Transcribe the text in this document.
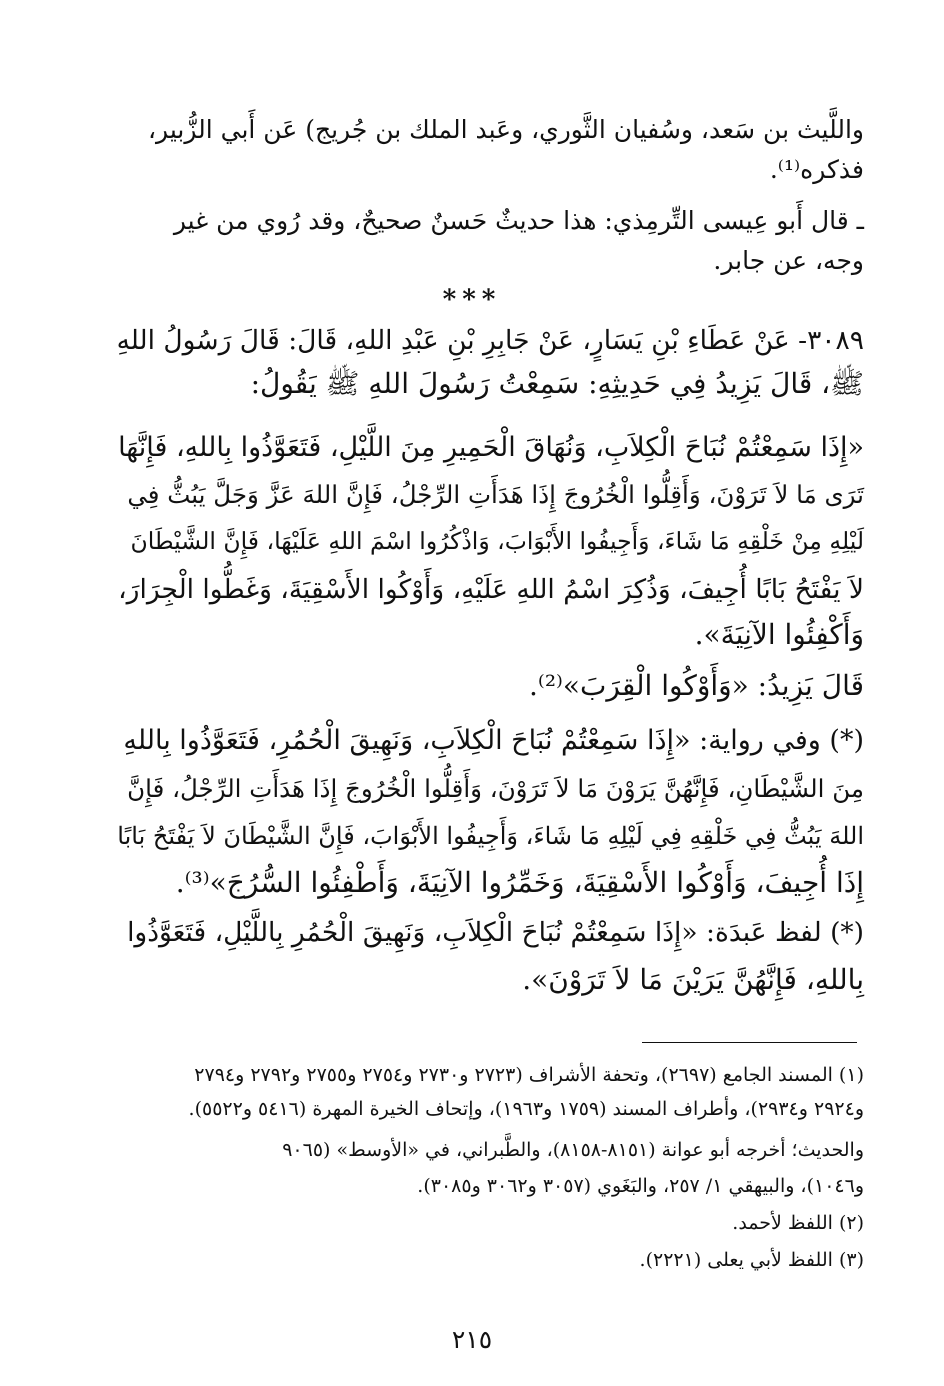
واللَّيث بن سَعد، وسُفيان الثَّوري، وعَبد الملك بن جُريج) عَن أَبي الزُّبير،
فذكره⁽¹⁾.
ـ قال أَبو عِيسى التِّرمِذي: هذا حديثٌ حَسنٌ صحيحٌ، وقد رُوي من غير
وجه، عن جابر.
***
٣٠٨٩- عَنْ عَطَاءِ بْنِ يَسَارٍ، عَنْ جَابِرِ بْنِ عَبْدِ اللهِ، قَالَ: قَالَ رَسُولُ اللهِ
ﷺ، قَالَ يَزِيدُ فِي حَدِيثِهِ: سَمِعْتُ رَسُولَ اللهِ ﷺ يَقُولُ:
«إِذَا سَمِعْتُمْ نُبَاحَ الْكِلاَبِ، وَنُهَاقَ الْحَمِيرِ مِنَ اللَّيْلِ، فَتَعَوَّذُوا بِاللهِ، فَإِنَّهَا
تَرَى مَا لاَ تَرَوْنَ، وَأَقِلُّوا الْخُرُوجَ إِذَا هَدَأَتِ الرِّجْلُ، فَإِنَّ اللهَ عَزَّ وَجَلَّ يَبُثُّ فِي
لَيْلِهِ مِنْ خَلْقِهِ مَا شَاءَ، وَأَجِيفُوا الأَبْوَابَ، وَاذْكُرُوا اسْمَ اللهِ عَلَيْهَا، فَإِنَّ الشَّيْطَانَ
لاَ يَفْتَحُ بَابًا أُجِيفَ، وَذُكِرَ اسْمُ اللهِ عَلَيْهِ، وَأَوْكُوا الأَسْقِيَةَ، وَغَطُّوا الْجِرَارَ،
وَأَكْفِئُوا الآنِيَةَ».
قَالَ يَزِيدُ: «وَأَوْكُوا الْقِرَبَ»⁽²⁾.
(*) وفي رواية: «إِذَا سَمِعْتُمْ نُبَاحَ الْكِلاَبِ، وَنَهِيقَ الْحُمُرِ، فَتَعَوَّذُوا بِاللهِ
مِنَ الشَّيْطَانِ، فَإِنَّهُنَّ يَرَوْنَ مَا لاَ تَرَوْنَ، وَأَقِلُّوا الْخُرُوجَ إِذَا هَدَأَتِ الرِّجْلُ، فَإِنَّ
اللهَ يَبُثُّ فِي خَلْقِهِ فِي لَيْلِهِ مَا شَاءَ، وَأَجِيفُوا الأَبْوَابَ، فَإِنَّ الشَّيْطَانَ لاَ يَفْتَحُ بَابًا
إِذَا أُجِيفَ، وَأَوْكُوا الأَسْقِيَةَ، وَخَمِّرُوا الآنِيَةَ، وَأَطْفِئُوا السُّرُجَ»⁽³⁾.
(*) لفظ عَبدَة: «إِذَا سَمِعْتُمْ نُبَاحَ الْكِلاَبِ، وَنَهِيقَ الْحُمُرِ بِاللَّيْلِ، فَتَعَوَّذُوا
بِاللهِ، فَإِنَّهُنَّ يَرَيْنَ مَا لاَ تَرَوْنَ».
(١) المسند الجامع (٢٦٩٧)، وتحفة الأشراف (٢٧٢٣ و٢٧٣٠ و٢٧٥٤ و٢٧٥٥ و٢٧٩٢ و٢٧٩٤
و٢٩٢٤ و٢٩٣٤)، وأطراف المسند (١٧٥٩ و١٩٦٣)، وإتحاف الخيرة المهرة (٥٤١٦ و٥٥٢٢).
والحديث؛ أخرجه أبو عوانة (٨١٥١-٨١٥٨)، والطَّبراني، في «الأوسط» (٩٠٦٥
و١٠٤٦)، والبيهقي ١/ ٢٥٧، والبَغَوي (٣٠٥٧ و٣٠٦٢ و٣٠٨٥).
(٢) اللفظ لأحمد.
(٣) اللفظ لأبي يعلى (٢٢٢١).
٢١٥
